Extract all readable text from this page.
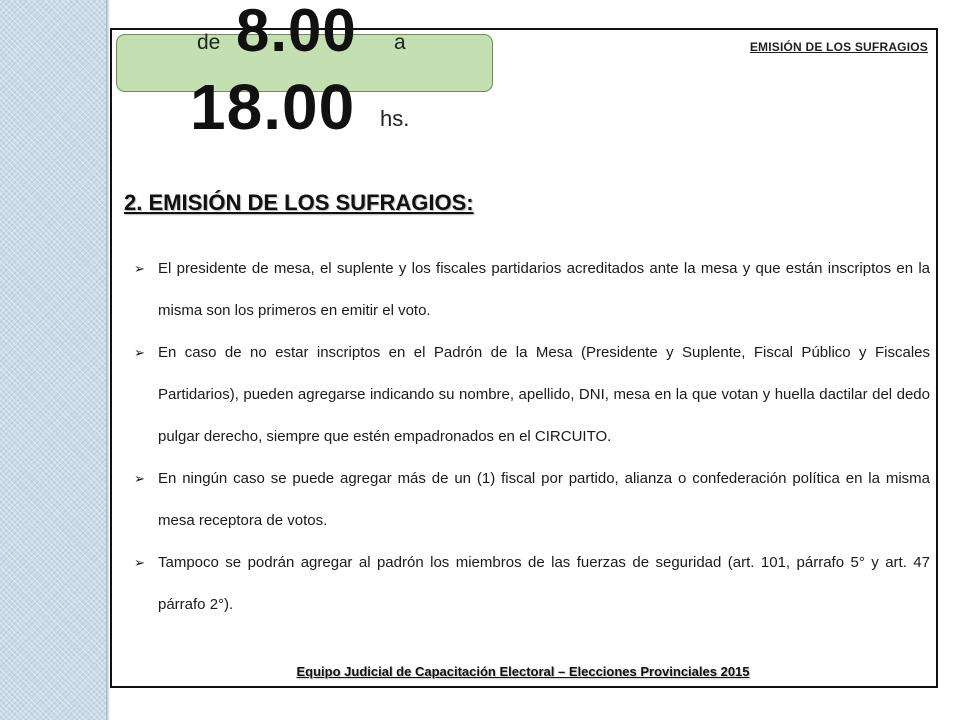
de 8.00 a
18.00 hs.
EMISIÓN DE LOS SUFRAGIOS
2. EMISIÓN DE LOS SUFRAGIOS:
➢ El presidente de mesa, el suplente y los fiscales partidarios acreditados ante la mesa y que están inscriptos en la misma son los primeros en emitir el voto.
➢ En caso de no estar inscriptos en el Padrón de la Mesa (Presidente y Suplente, Fiscal Público y Fiscales Partidarios), pueden agregarse indicando su nombre, apellido, DNI, mesa en la que votan y huella dactilar del dedo pulgar derecho, siempre que estén empadronados en el CIRCUITO.
➢ En ningún caso se puede agregar más de un (1) fiscal por partido, alianza o confederación política en la misma mesa receptora de votos.
➢ Tampoco se podrán agregar al padrón los miembros de las fuerzas de seguridad (art. 101, párrafo 5° y art. 47 párrafo 2°).
Equipo Judicial de Capacitación Electoral – Elecciones Provinciales 2015
